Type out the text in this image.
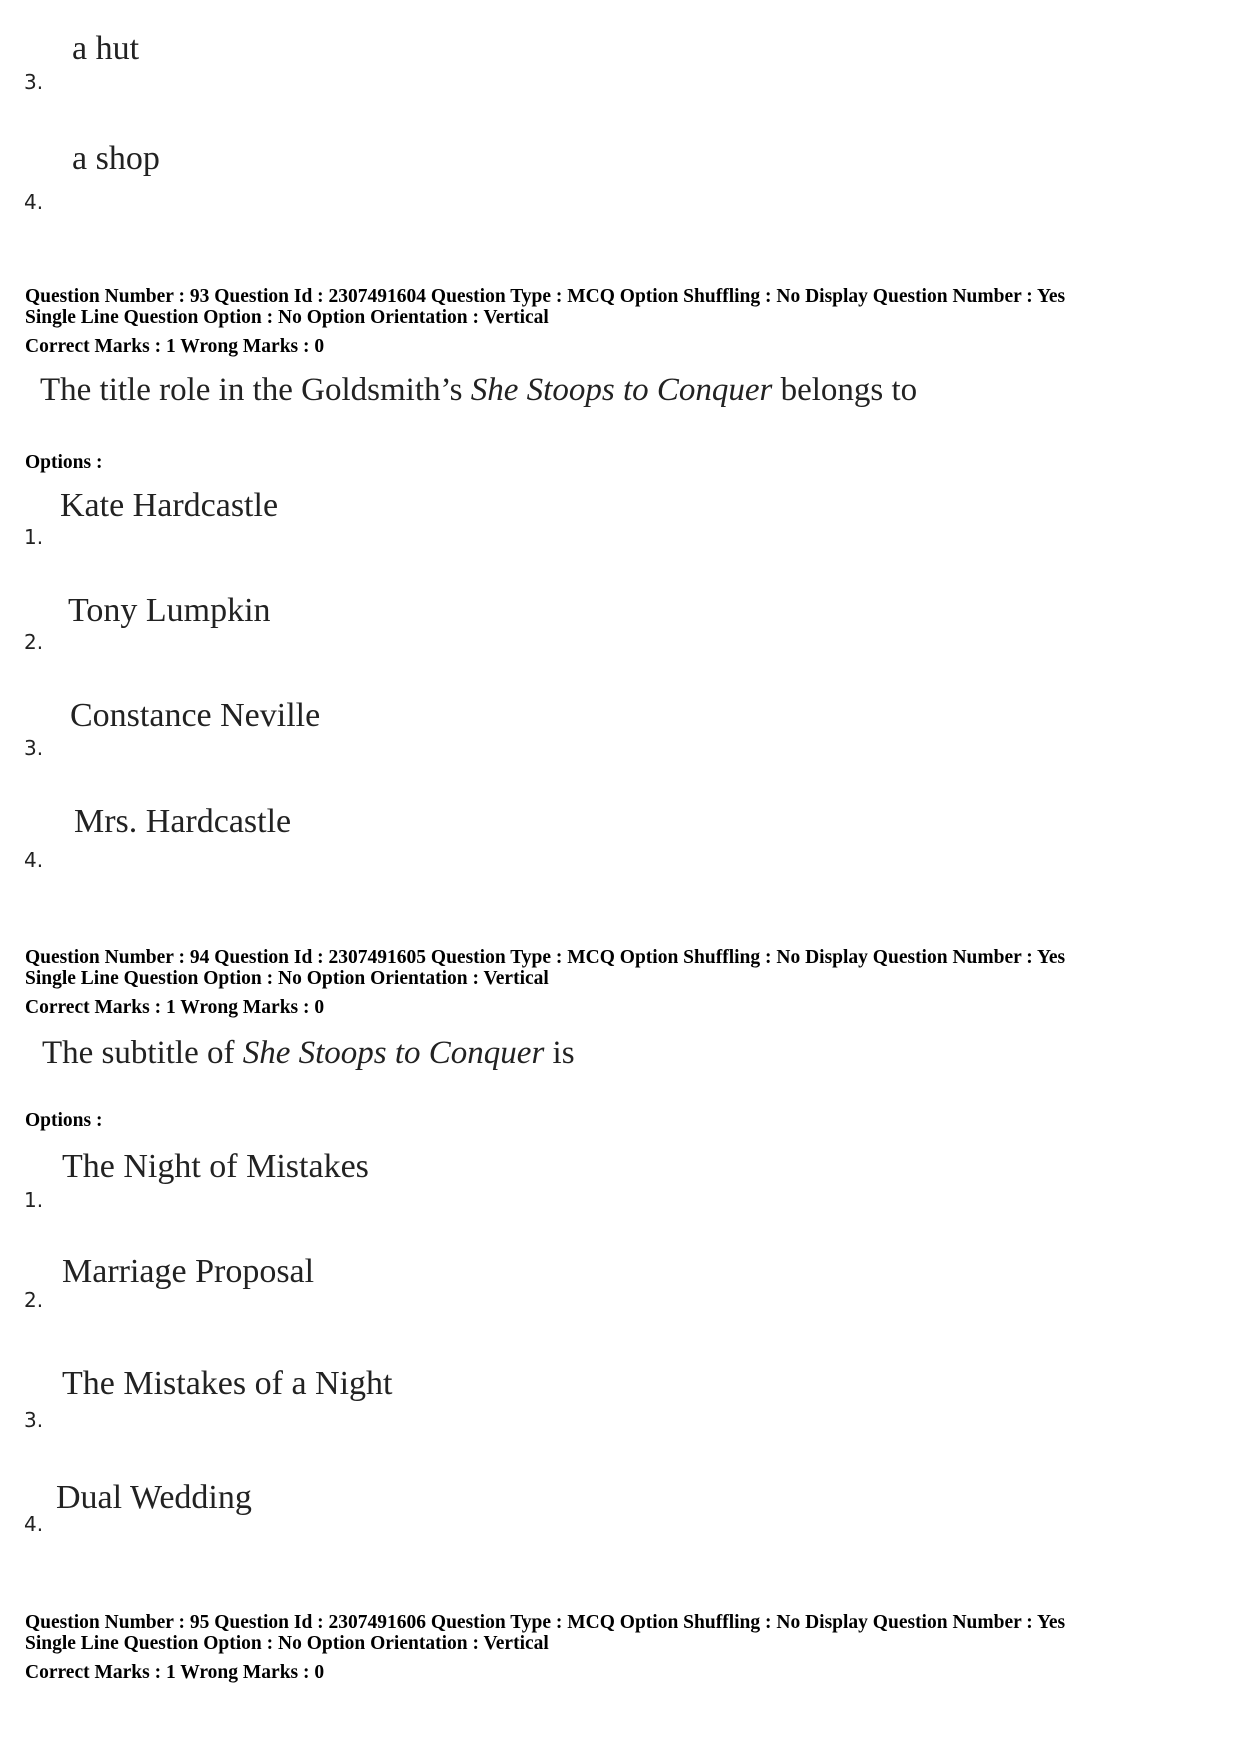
a hut
3.
a shop
4.
Question Number : 93 Question Id : 2307491604 Question Type : MCQ Option Shuffling : No Display Question Number : Yes
Single Line Question Option : No Option Orientation : Vertical
Correct Marks : 1 Wrong Marks : 0
The title role in the Goldsmith’s She Stoops to Conquer belongs to
Options :
Kate Hardcastle
1.
Tony Lumpkin
2.
Constance Neville
3.
Mrs. Hardcastle
4.
Question Number : 94 Question Id : 2307491605 Question Type : MCQ Option Shuffling : No Display Question Number : Yes
Single Line Question Option : No Option Orientation : Vertical
Correct Marks : 1 Wrong Marks : 0
The subtitle of She Stoops to Conquer is
Options :
The Night of Mistakes
1.
Marriage Proposal
2.
The Mistakes of a Night
3.
Dual Wedding
4.
Question Number : 95 Question Id : 2307491606 Question Type : MCQ Option Shuffling : No Display Question Number : Yes
Single Line Question Option : No Option Orientation : Vertical
Correct Marks : 1 Wrong Marks : 0
